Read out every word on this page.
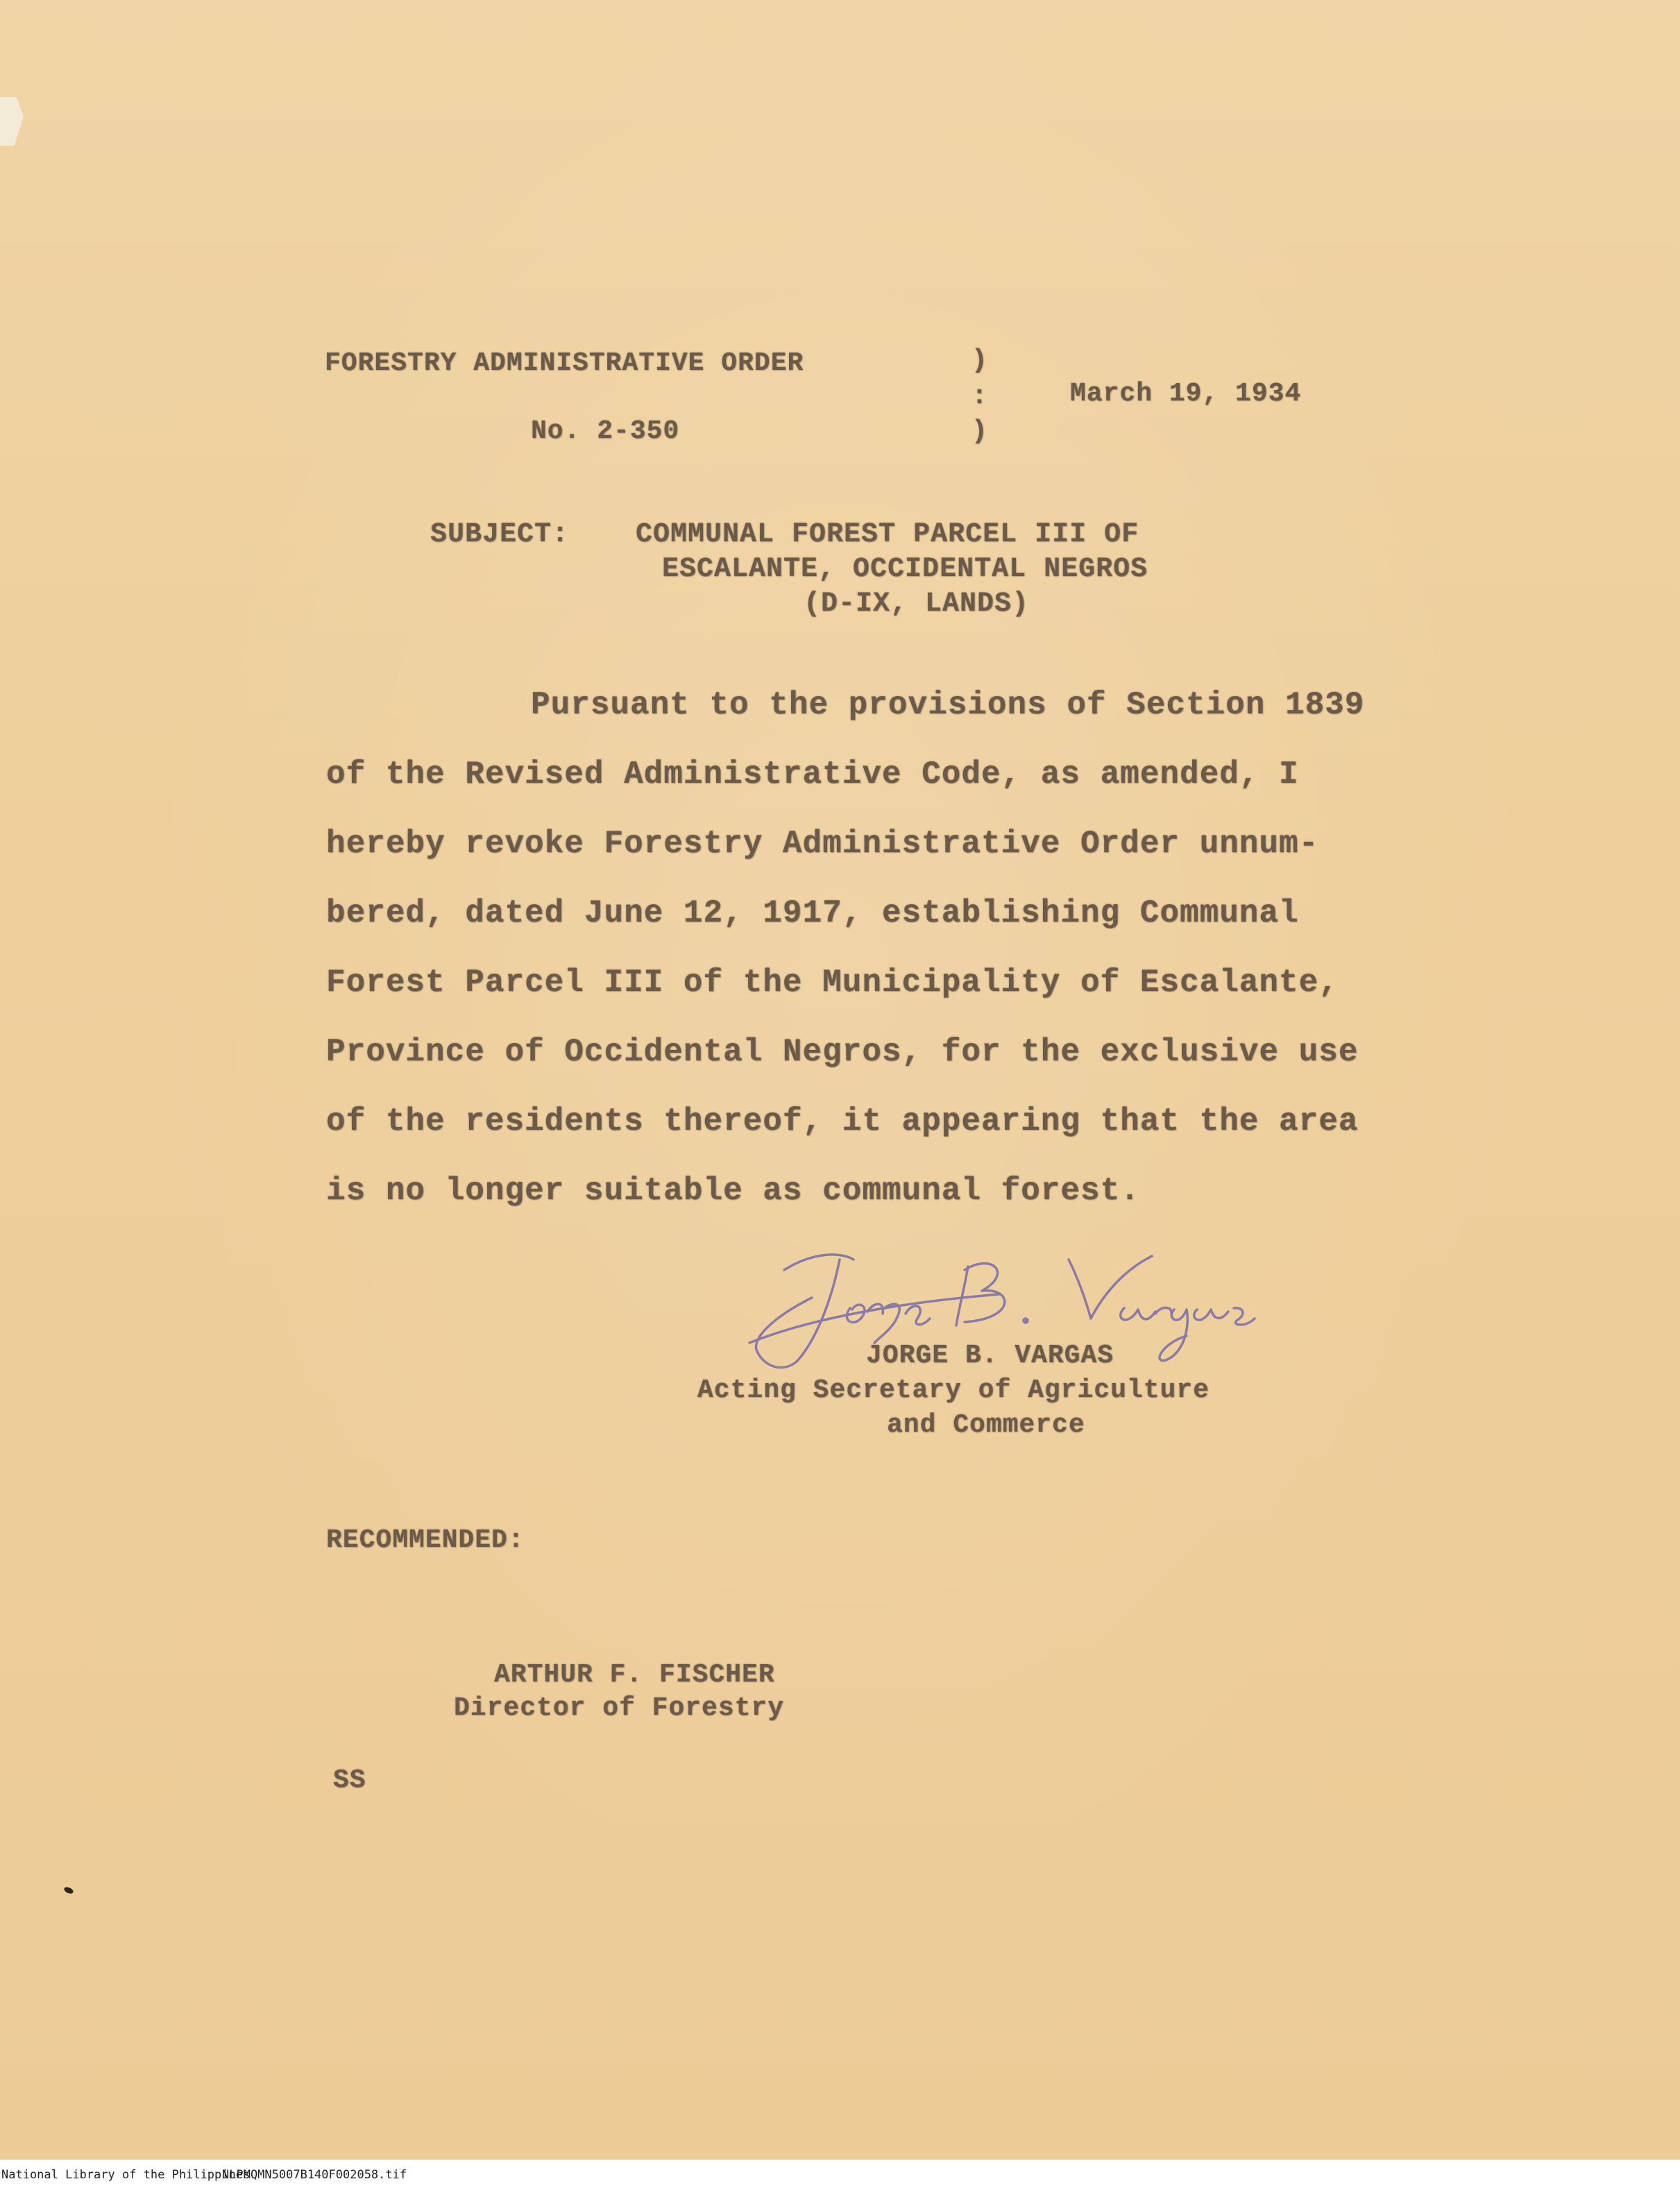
FORESTRY ADMINISTRATIVE ORDER
No. 2-350
)
:
)
March 19, 1934
SUBJECT: COMMUNAL FOREST PARCEL III OF
ESCALANTE, OCCIDENTAL NEGROS
(D-IX, LANDS)
Pursuant to the provisions of Section 1839
of the Revised Administrative Code, as amended, I
hereby revoke Forestry Administrative Order unnum-
bered, dated June 12, 1917, establishing Communal
Forest Parcel III of the Municipality of Escalante,
Province of Occidental Negros, for the exclusive use
of the residents thereof, it appearing that the area
is no longer suitable as communal forest.
JORGE B. VARGAS
Acting Secretary of Agriculture
and Commerce
RECOMMENDED:
ARTHUR F. FISCHER
Director of Forestry
SS
National Library of the Philippines
NLPMQMN5007B140F002058.tif
